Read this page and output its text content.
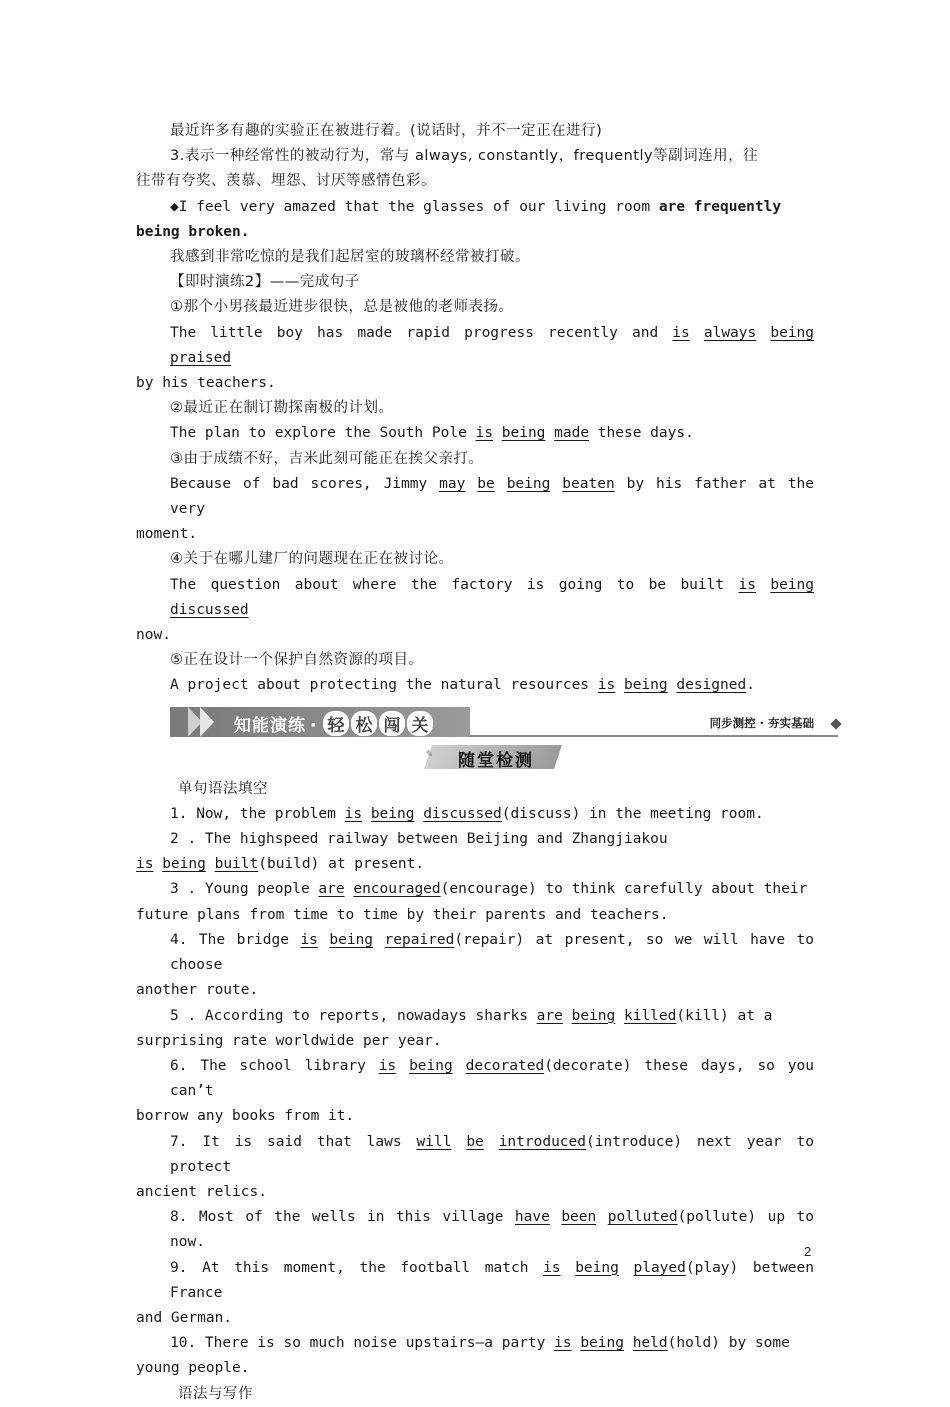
最近许多有趣的实验正在被进行着。(说话时，并不一定正在进行)
3.表示一种经常性的被动行为，常与 always, constantly，frequently等副词连用，往
往带有夸奖、羡慕、埋怨、讨厌等感情色彩。
◆I feel very amazed that the glasses of our living room are frequently
being broken.
我感到非常吃惊的是我们起居室的玻璃杯经常被打破。
【即时演练2】——完成句子
①那个小男孩最近进步很快，总是被他的老师表扬。
The little boy has made rapid progress recently and is always being praised
by his teachers.
②最近正在制订勘探南极的计划。
The plan to explore the South Pole is being made these days.
③由于成绩不好，吉米此刻可能正在挨父亲打。
Because of bad scores, Jimmy may be being beaten by his father at the very
moment.
④关于在哪儿建厂的问题现在正在被讨论。
The question about where the factory is going to be built is being discussed
now.
⑤正在设计一个保护自然资源的项目。
A project about protecting the natural resources is being designed.
知能演练 · 轻 松 闯 关	同步测控 · 夯实基础
✎	随堂检测
单句语法填空
1. Now, the problem is being discussed(discuss) in the meeting room.
2 . The highspeed railway between Beijing and Zhangjiakou
is being built(build) at present.
3 . Young people are encouraged(encourage) to think carefully about their
future plans from time to time by their parents and teachers.
4. The bridge is being repaired(repair) at present, so we will have to choose
another route.
5 . According to reports, nowadays sharks are being killed(kill) at a
surprising rate worldwide per year.
6. The school library is being decorated(decorate) these days, so you can’t
borrow any books from it.
7. It is said that laws will be introduced(introduce) next year to protect
ancient relics.
8. Most of the wells in this village have been polluted(pollute) up to now.
9. At this moment, the football match is being played(play) between France
and German.
10. There is so much noise upstairs—a party is being held(hold) by some
young people.
语法与写作
2
